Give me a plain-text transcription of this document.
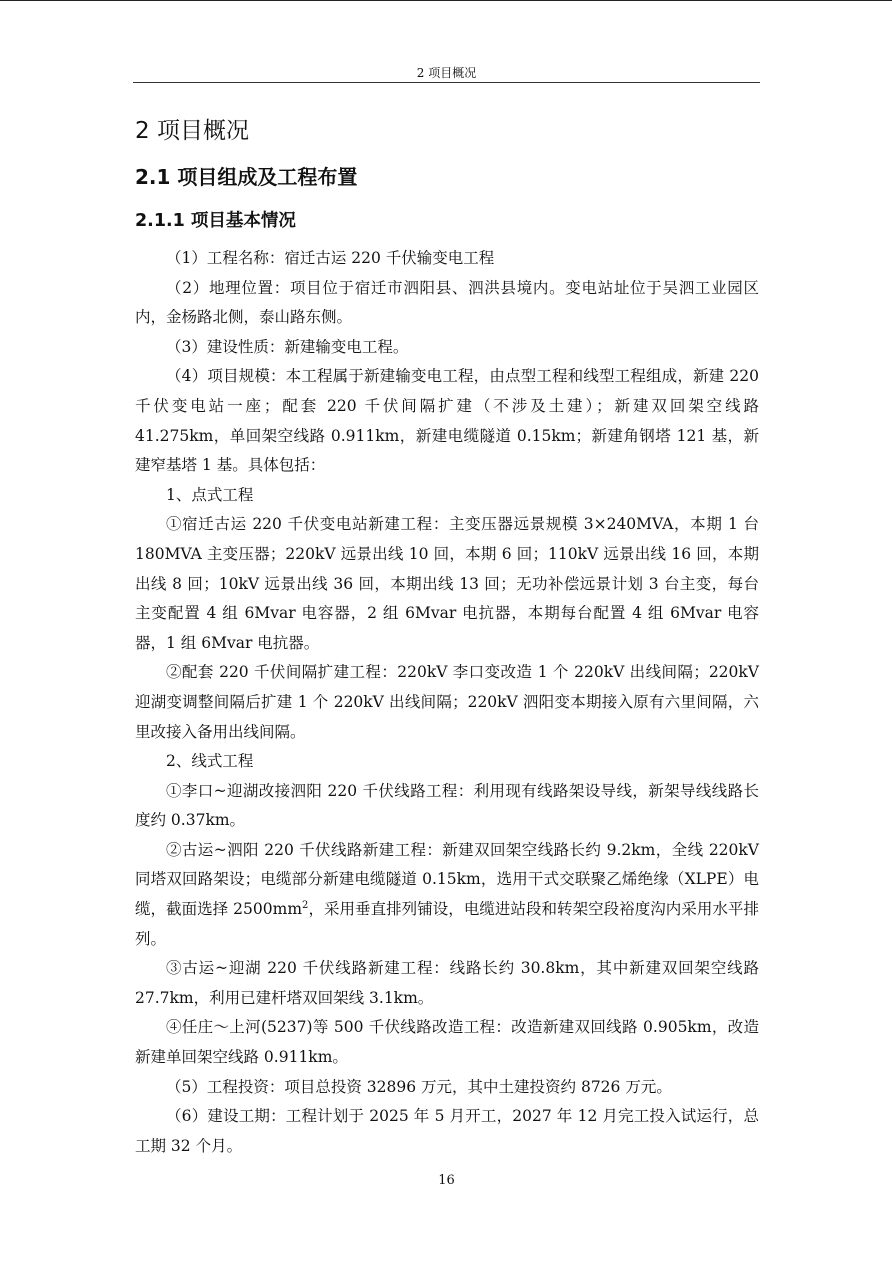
2 项目概况
2 项目概况
2.1 项目组成及工程布置
2.1.1 项目基本情况

（1）工程名称：宿迁古运 220 千伏输变电工程

（2）地理位置：项目位于宿迁市泗阳县、泗洪县境内。变电站址位于吴泗工业园区内，金杨路北侧，泰山路东侧。

（3）建设性质：新建输变电工程。

（4）项目规模：本工程属于新建输变电工程，由点型工程和线型工程组成，新建 220 千伏变电站一座；配套 220 千伏间隔扩建（不涉及土建）；新建双回架空线路 41.275km，单回架空线路 0.911km，新建电缆隧道 0.15km；新建角钢塔 121 基，新建窄基塔 1 基。具体包括：

1、点式工程

①宿迁古运 220 千伏变电站新建工程：主变压器远景规模 3×240MVA，本期 1 台 180MVA 主变压器；220kV 远景出线 10 回，本期 6 回；110kV 远景出线 16 回，本期出线 8 回；10kV 远景出线 36 回，本期出线 13 回；无功补偿远景计划 3 台主变，每台主变配置 4 组 6Mvar 电容器，2 组 6Mvar 电抗器，本期每台配置 4 组 6Mvar 电容器，1 组 6Mvar 电抗器。

②配套 220 千伏间隔扩建工程：220kV 李口变改造 1 个 220kV 出线间隔；220kV 迎湖变调整间隔后扩建 1 个 220kV 出线间隔；220kV 泗阳变本期接入原有六里间隔，六里改接入备用出线间隔。

2、线式工程

①李口~迎湖改接泗阳 220 千伏线路工程：利用现有线路架设导线，新架导线线路长度约 0.37km。

②古运~泗阳 220 千伏线路新建工程：新建双回架空线路长约 9.2km，全线 220kV 同塔双回路架设；电缆部分新建电缆隧道 0.15km，选用干式交联聚乙烯绝缘（XLPE）电缆，截面选择 $2500mm^2$，采用垂直排列铺设，电缆进站段和转架空段裕度沟内采用水平排列。

③古运~迎湖 220 千伏线路新建工程：线路长约 30.8km，其中新建双回架空线路 27.7km，利用已建杆塔双回架线 3.1km。

④任庄～上河(5237)等 500 千伏线路改造工程：改造新建双回线路 0.905km，改造新建单回架空线路 0.911km。

（5）工程投资：项目总投资 32896 万元，其中土建投资约 8726 万元。

（6）建设工期：工程计划于 2025 年 5 月开工，2027 年 12 月完工投入试运行，总工期 32 个月。

16
